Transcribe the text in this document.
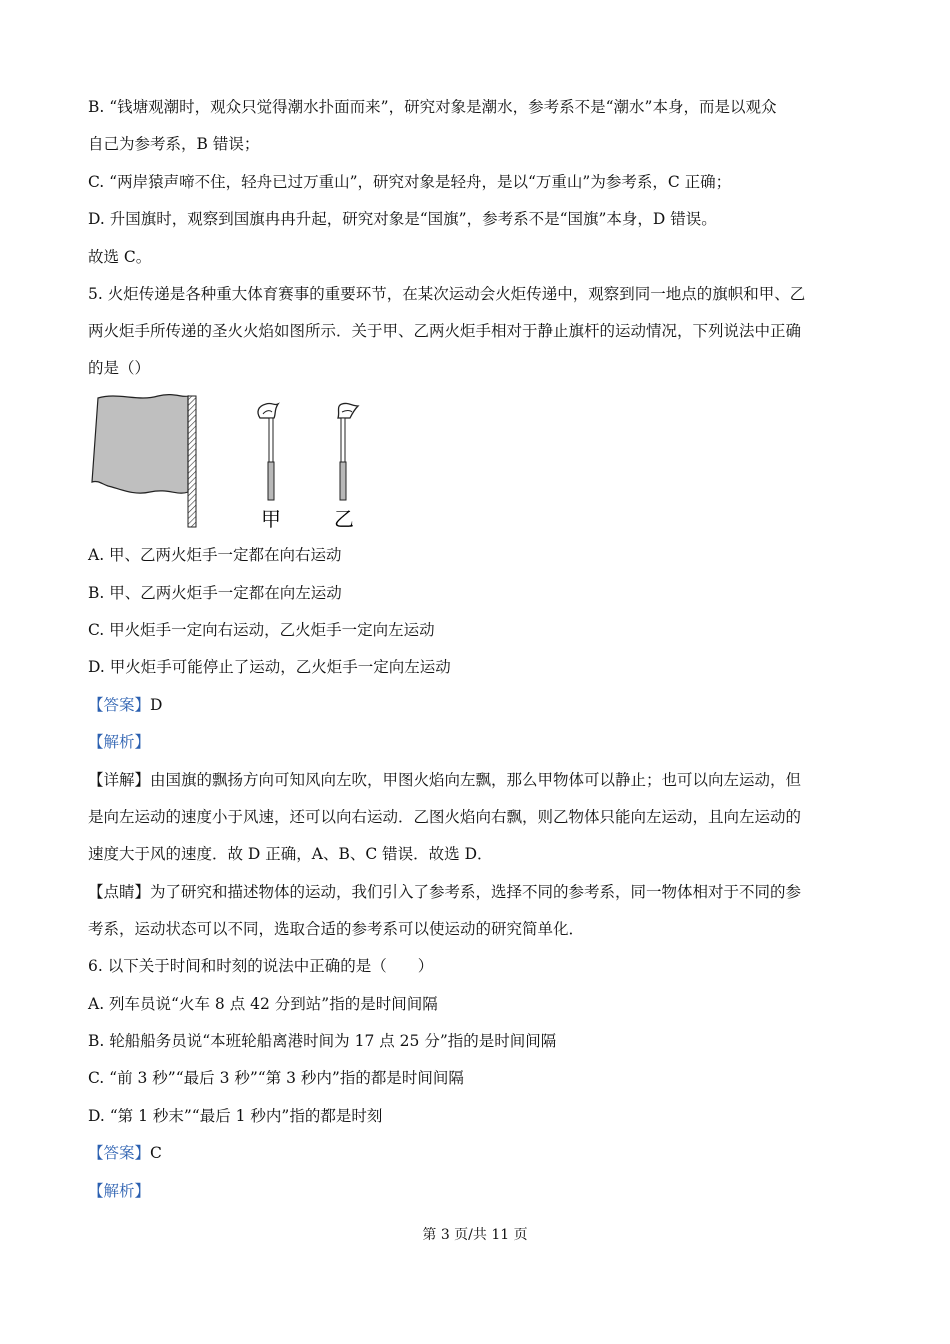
B. “钱塘观潮时，观众只觉得潮水扑面而来”，研究对象是潮水，参考系不是“潮水”本身，而是以观众
自己为参考系，B 错误；
C. “两岸猿声啼不住，轻舟已过万重山”，研究对象是轻舟，是以“万重山”为参考系，C 正确；
D. 升国旗时，观察到国旗冉冉升起，研究对象是“国旗”，参考系不是“国旗”本身，D 错误。
故选 C。
5. 火炬传递是各种重大体育赛事的重要环节，在某次运动会火炬传递中，观察到同一地点的旗帜和甲、乙
两火炬手所传递的圣火火焰如图所示．关于甲、乙两火炬手相对于静止旗杆的运动情况，下列说法中正确
的是（）
甲	乙
A. 甲、乙两火炬手一定都在向右运动
B. 甲、乙两火炬手一定都在向左运动
C. 甲火炬手一定向右运动，乙火炬手一定向左运动
D. 甲火炬手可能停止了运动，乙火炬手一定向左运动
【答案】D
【解析】
【详解】由国旗的飘扬方向可知风向左吹，甲图火焰向左飘，那么甲物体可以静止；也可以向左运动，但
是向左运动的速度小于风速，还可以向右运动．乙图火焰向右飘，则乙物体只能向左运动，且向左运动的
速度大于风的速度．故 D 正确，A、B、C 错误．故选 D．
【点睛】为了研究和描述物体的运动，我们引入了参考系，选择不同的参考系，同一物体相对于不同的参
考系，运动状态可以不同，选取合适的参考系可以使运动的研究简单化．
6. 以下关于时间和时刻的说法中正确的是（　　）
A. 列车员说“火车 8 点 42 分到站”指的是时间间隔
B. 轮船船务员说“本班轮船离港时间为 17 点 25 分”指的是时间间隔
C. “前 3 秒”“最后 3 秒”“第 3 秒内”指的都是时间间隔
D. “第 1 秒末”“最后 1 秒内”指的都是时刻
【答案】C
【解析】
第 3 页/共 11 页
